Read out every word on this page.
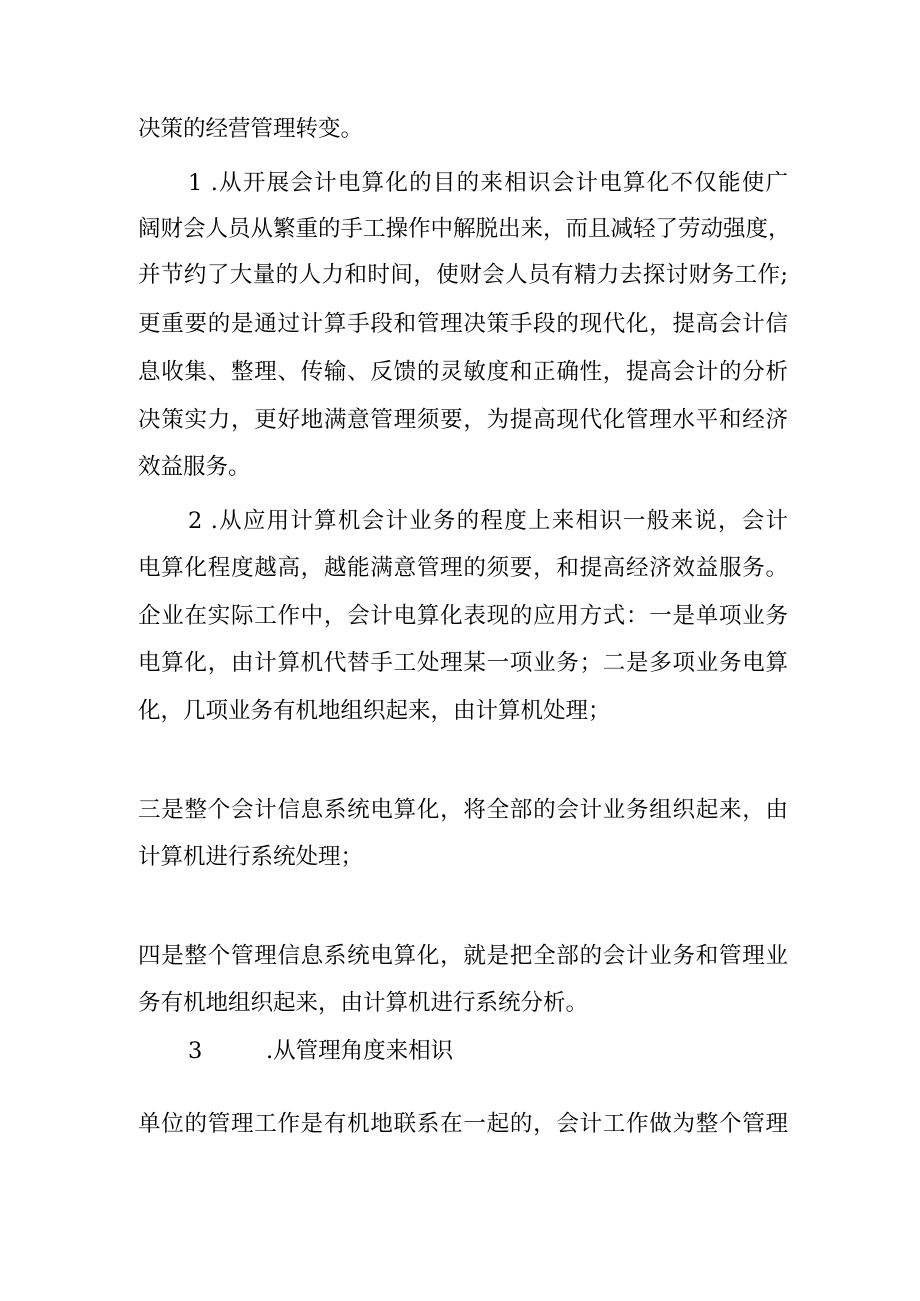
决策的经营管理转变。
1 .从开展会计电算化的目的来相识会计电算化不仅能使广
阔财会人员从繁重的手工操作中解脱出来，而且减轻了劳动强度，
并节约了大量的人力和时间，使财会人员有精力去探讨财务工作;
更重要的是通过计算手段和管理决策手段的现代化，提高会计信
息收集、整理、传输、反馈的灵敏度和正确性，提高会计的分析
决策实力，更好地满意管理须要，为提高现代化管理水平和经济
效益服务。
2 .从应用计算机会计业务的程度上来相识一般来说，会计
电算化程度越高，越能满意管理的须要，和提高经济效益服务。
企业在实际工作中，会计电算化表现的应用方式：一是单项业务
电算化，由计算机代替手工处理某一项业务；二是多项业务电算
化，几项业务有机地组织起来，由计算机处理；
三是整个会计信息系统电算化，将全部的会计业务组织起来，由
计算机进行系统处理；
四是整个管理信息系统电算化，就是把全部的会计业务和管理业
务有机地组织起来，由计算机进行系统分析。
3	.从管理角度来相识
单位的管理工作是有机地联系在一起的，会计工作做为整个管理
